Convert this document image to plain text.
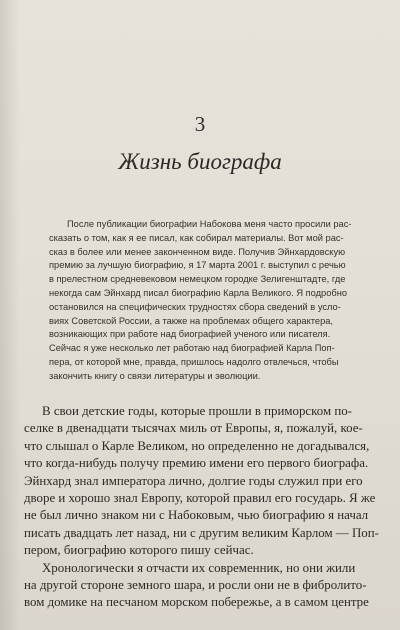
3
Жизнь биографа
После публикации биографии Набокова меня часто просили рас-
сказать о том, как я ее писал, как собирал материалы. Вот мой рас-
сказ в более или менее законченном виде. Получив Эйнхардовскую
премию за лучшую биографию, я 17 марта 2001 г. выступил с речью
в прелестном средневековом немецком городке Зелигенштадте, где
некогда сам Эйнхард писал биографию Карла Великого. Я подробно
остановился на специфических трудностях сбора сведений в усло-
виях Советской России, а также на проблемах общего характера,
возникающих при работе над биографией ученого или писателя.
Сейчас я уже несколько лет работаю над биографией Карла Поп-
пера, от которой мне, правда, пришлось надолго отвлечься, чтобы
закончить книгу о связи литературы и эволюции.
В свои детские годы, которые прошли в приморском по-
селке в двенадцати тысячах миль от Европы, я, пожалуй, кое-
что слышал о Карле Великом, но определенно не догадывался,
что когда-нибудь получу премию имени его первого биографа.
Эйнхард знал императора лично, долгие годы служил при его
дворе и хорошо знал Европу, которой правил его государь. Я же
не был лично знаком ни с Набоковым, чью биографию я начал
писать двадцать лет назад, ни с другим великим Карлом — Поп-
пером, биографию которого пишу сейчас.
Хронологически я отчасти их современник, но они жили
на другой стороне земного шара, и росли они не в фибролито-
вом домике на песчаном морском побережье, а в самом центре
